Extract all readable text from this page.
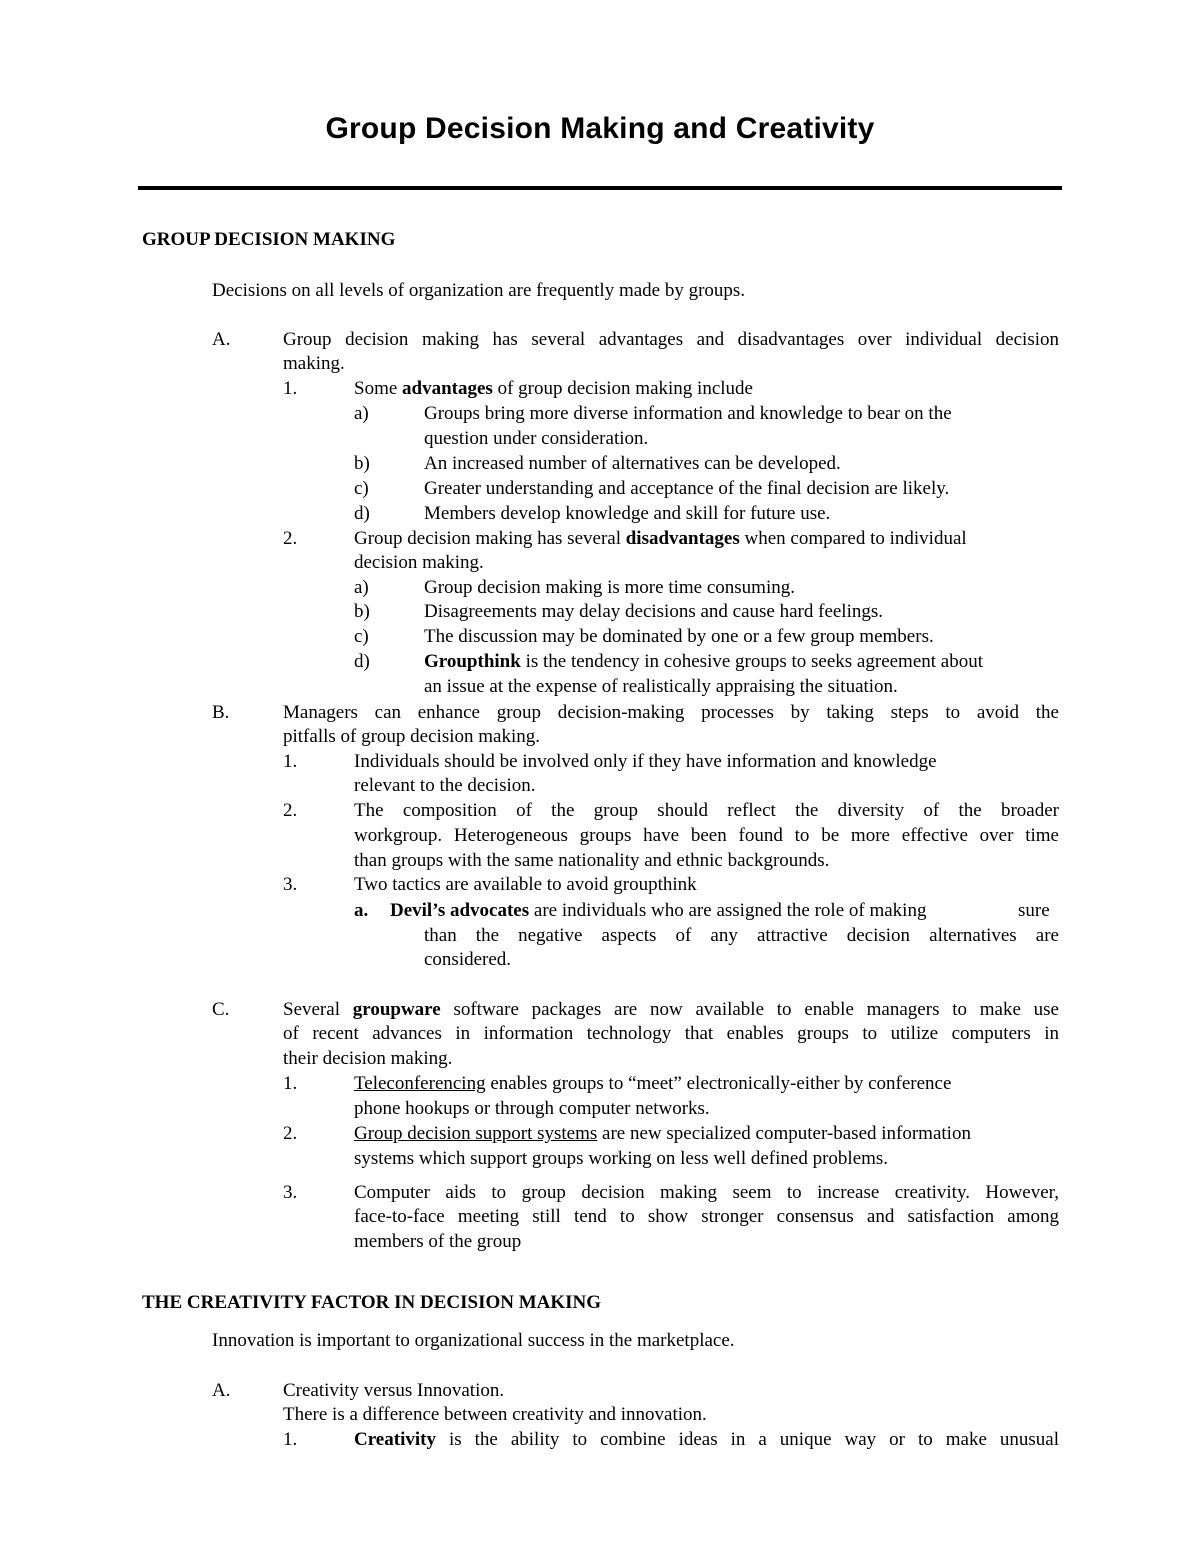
Group Decision Making and Creativity
GROUP DECISION MAKING
Decisions on all levels of organization are frequently made by groups.
A.	Group decision making has several advantages and disadvantages over individual decision
making.
1.	Some advantages of group decision making include
a)	Groups bring more diverse information and knowledge to bear on the
question under consideration.
b)	An increased number of alternatives can be developed.
c)	Greater understanding and acceptance of the final decision are likely.
d)	Members develop knowledge and skill for future use.
2.	Group decision making has several disadvantages when compared to individual
decision making.
a)	Group decision making is more time consuming.
b)	Disagreements may delay decisions and cause hard feelings.
c)	The discussion may be dominated by one or a few group members.
d)	Groupthink is the tendency in cohesive groups to seeks agreement about
an issue at the expense of realistically appraising the situation.
B.	Managers can enhance group decision-making processes by taking steps to avoid the
pitfalls of group decision making.
1.	Individuals should be involved only if they have information and knowledge
relevant to the decision.
2.	The composition of the group should reflect the diversity of the broader
workgroup. Heterogeneous groups have been found to be more effective over time
than groups with the same nationality and ethnic backgrounds.
3.	Two tactics are available to avoid groupthink
a. Devil’s advocates are individuals who are assigned the role of making	sure
than the negative aspects of any attractive decision alternatives are
considered.
C.	Several groupware software packages are now available to enable managers to make use
of recent advances in information technology that enables groups to utilize computers in
their decision making.
1.	Teleconferencing enables groups to “meet” electronically-either by conference
phone hookups or through computer networks.
2.	Group decision support systems are new specialized computer-based information
systems which support groups working on less well defined problems.
3.	Computer aids to group decision making seem to increase creativity. However,
face-to-face meeting still tend to show stronger consensus and satisfaction among
members of the group
THE CREATIVITY FACTOR IN DECISION MAKING
Innovation is important to organizational success in the marketplace.
A.	Creativity versus Innovation.
There is a difference between creativity and innovation.
1.	Creativity is the ability to combine ideas in a unique way or to make unusual
